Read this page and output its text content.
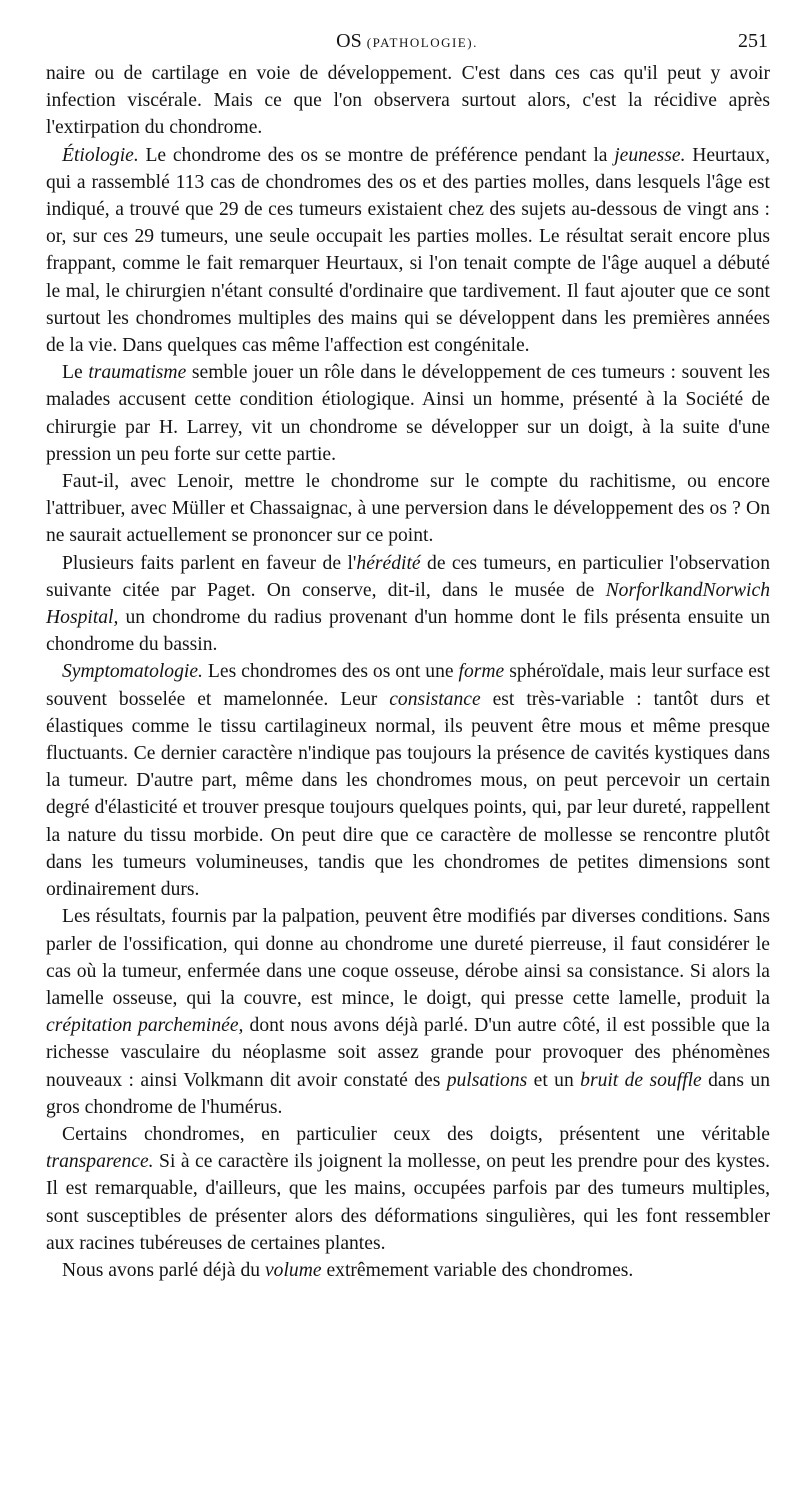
OS (PATHOLOGIE).	251

naire ou de cartilage en voie de développement. C'est dans ces cas qu'il peut y avoir infection viscérale. Mais ce que l'on observera surtout alors, c'est la récidive après l'extirpation du chondrome.

Étiologie. Le chondrome des os se montre de préférence pendant la jeunesse. Heurtaux, qui a rassemblé 113 cas de chondromes des os et des parties molles, dans lesquels l'âge est indiqué, a trouvé que 29 de ces tumeurs existaient chez des sujets au-dessous de vingt ans : or, sur ces 29 tumeurs, une seule occupait les parties molles. Le résultat serait encore plus frappant, comme le fait remarquer Heurtaux, si l'on tenait compte de l'âge auquel a débuté le mal, le chirurgien n'étant consulté d'ordinaire que tardivement. Il faut ajouter que ce sont surtout les chondromes multiples des mains qui se développent dans les premières années de la vie. Dans quelques cas même l'affection est congénitale.

Le traumatisme semble jouer un rôle dans le développement de ces tumeurs : souvent les malades accusent cette condition étiologique. Ainsi un homme, présenté à la Société de chirurgie par H. Larrey, vit un chondrome se développer sur un doigt, à la suite d'une pression un peu forte sur cette partie.

Faut-il, avec Lenoir, mettre le chondrome sur le compte du rachitisme, ou encore l'attribuer, avec Müller et Chassaignac, à une perversion dans le développement des os ? On ne saurait actuellement se prononcer sur ce point.

Plusieurs faits parlent en faveur de l'hérédité de ces tumeurs, en particulier l'observation suivante citée par Paget. On conserve, dit-il, dans le musée de NorforlkandNorwich Hospital, un chondrome du radius provenant d'un homme dont le fils présenta ensuite un chondrome du bassin.

Symptomatologie. Les chondromes des os ont une forme sphéroïdale, mais leur surface est souvent bosselée et mamelonnée. Leur consistance est très-variable : tantôt durs et élastiques comme le tissu cartilagineux normal, ils peuvent être mous et même presque fluctuants. Ce dernier caractère n'indique pas toujours la présence de cavités kystiques dans la tumeur. D'autre part, même dans les chondromes mous, on peut percevoir un certain degré d'élasticité et trouver presque toujours quelques points, qui, par leur dureté, rappellent la nature du tissu morbide. On peut dire que ce caractère de mollesse se rencontre plutôt dans les tumeurs volumineuses, tandis que les chondromes de petites dimensions sont ordinairement durs.

Les résultats, fournis par la palpation, peuvent être modifiés par diverses conditions. Sans parler de l'ossification, qui donne au chondrome une dureté pierreuse, il faut considérer le cas où la tumeur, enfermée dans une coque osseuse, dérobe ainsi sa consistance. Si alors la lamelle osseuse, qui la couvre, est mince, le doigt, qui presse cette lamelle, produit la crépitation parcheminée, dont nous avons déjà parlé. D'un autre côté, il est possible que la richesse vasculaire du néoplasme soit assez grande pour provoquer des phénomènes nouveaux : ainsi Volkmann dit avoir constaté des pulsations et un bruit de souffle dans un gros chondrome de l'humérus.

Certains chondromes, en particulier ceux des doigts, présentent une véritable transparence. Si à ce caractère ils joignent la mollesse, on peut les prendre pour des kystes. Il est remarquable, d'ailleurs, que les mains, occupées parfois par des tumeurs multiples, sont susceptibles de présenter alors des déformations singulières, qui les font ressembler aux racines tubéreuses de certaines plantes.

Nous avons parlé déjà du volume extrêmement variable des chondromes.
